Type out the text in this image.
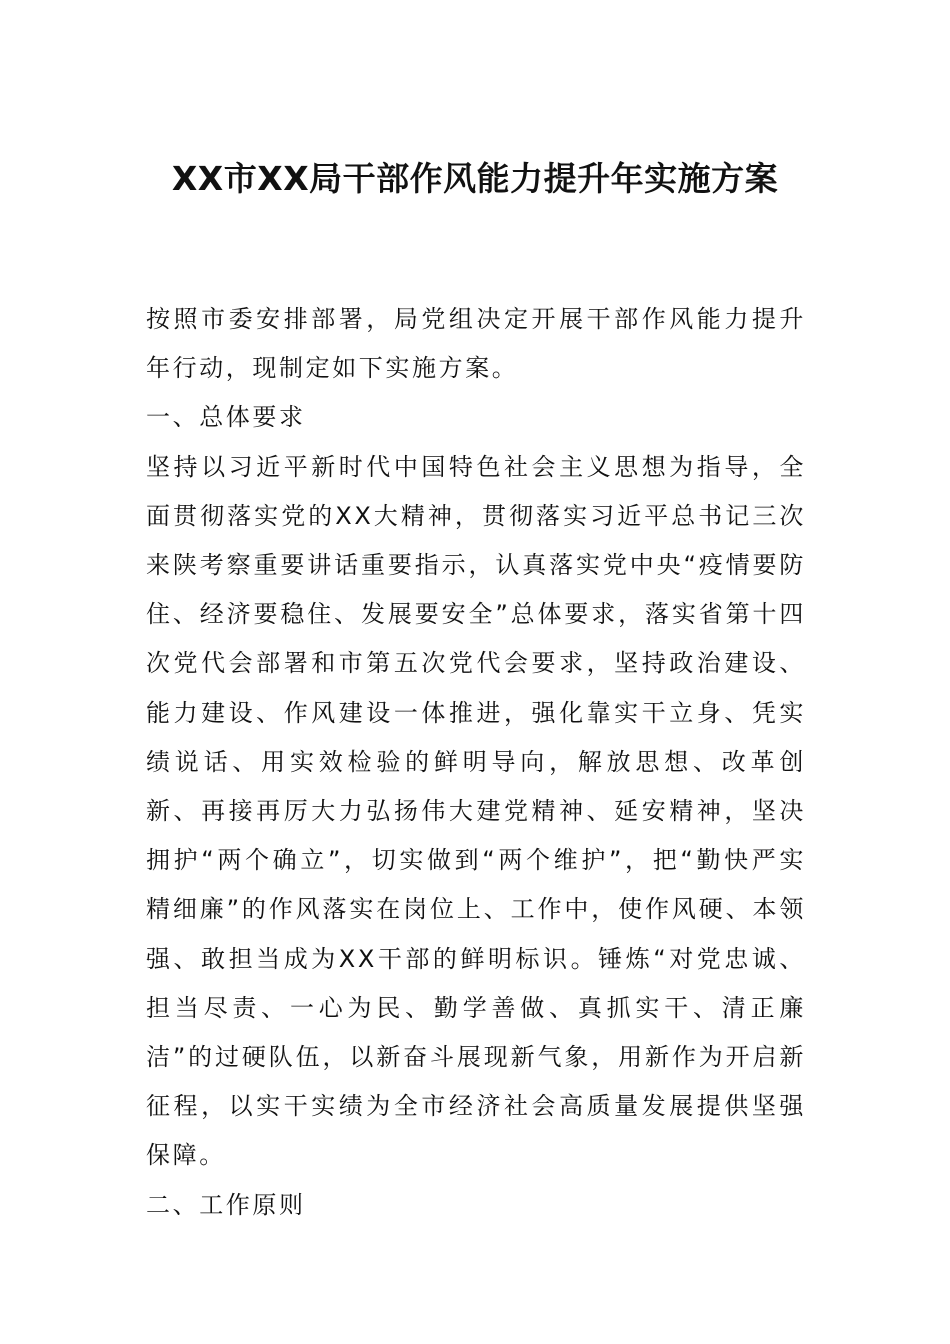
XX市XX局干部作风能力提升年实施方案

按照市委安排部署，局党组决定开展干部作风能力提升年行动，现制定如下实施方案。

一、总体要求

坚持以习近平新时代中国特色社会主义思想为指导，全面贯彻落实党的XX大精神，贯彻落实习近平总书记三次来陕考察重要讲话重要指示，认真落实党中央“疫情要防住、经济要稳住、发展要安全”总体要求，落实省第十四次党代会部署和市第五次党代会要求，坚持政治建设、能力建设、作风建设一体推进，强化靠实干立身、凭实绩说话、用实效检验的鲜明导向，解放思想、改革创新、再接再厉大力弘扬伟大建党精神、延安精神，坚决拥护“两个确立”，切实做到“两个维护”，把“勤快严实精细廉”的作风落实在岗位上、工作中，使作风硬、本领强、敢担当成为XX干部的鲜明标识。锤炼“对党忠诚、担当尽责、一心为民、勤学善做、真抓实干、清正廉洁”的过硬队伍，以新奋斗展现新气象，用新作为开启新征程，以实干实绩为全市经济社会高质量发展提供坚强保障。

二、工作原则
